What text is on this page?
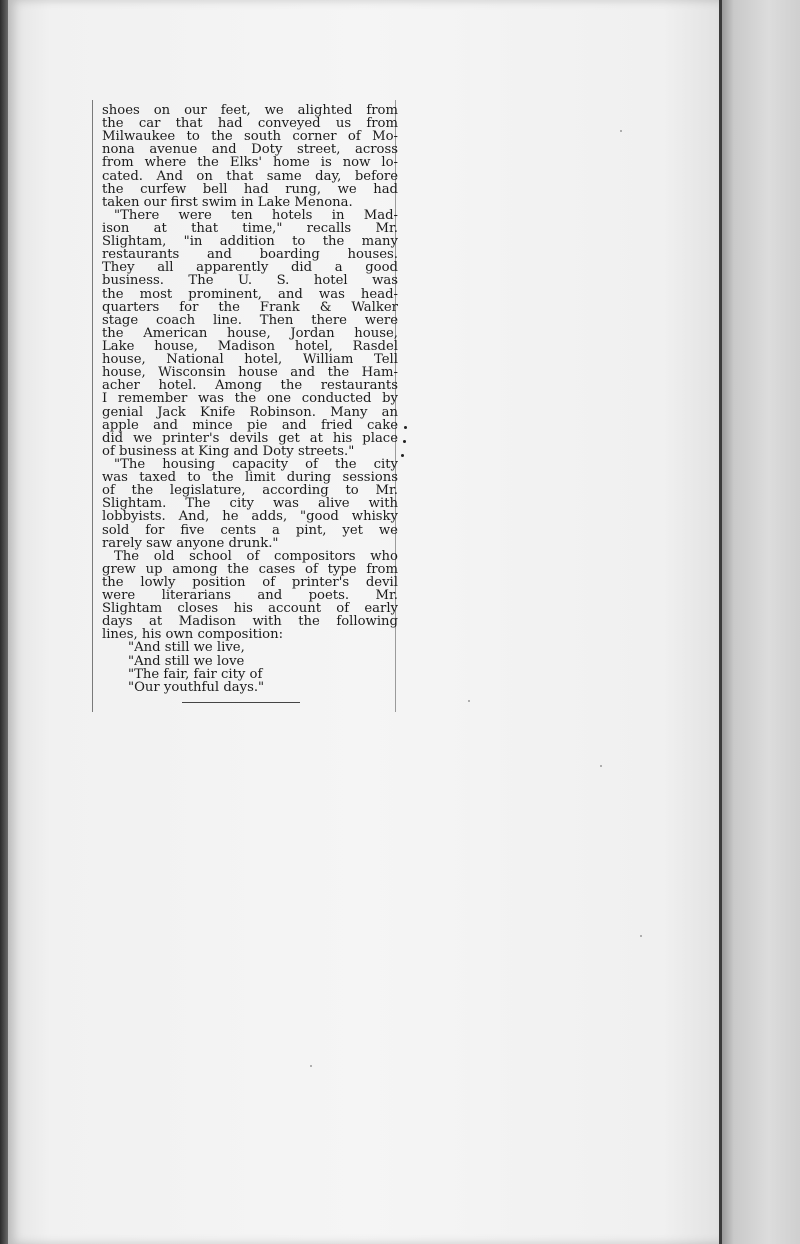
shoes on our feet, we alighted from
the car that had conveyed us from
Milwaukee to the south corner of Mo-
nona avenue and Doty street, across
from where the Elks' home is now lo-
cated. And on that same day, before
the curfew bell had rung, we had
taken our first swim in Lake Menona.
"There were ten hotels in Mad-
ison at that time," recalls Mr.
Slightam, "in addition to the many
restaurants and boarding houses.
They all apparently did a good
business. The U. S. hotel was
the most prominent, and was head-
quarters for the Frank & Walker
stage coach line. Then there were
the American house, Jordan house,
Lake house, Madison hotel, Rasdel
house, National hotel, William Tell
house, Wisconsin house and the Ham-
acher hotel. Among the restaurants
I remember was the one conducted by
genial Jack Knife Robinson. Many an
apple and mince pie and fried cake
did we printer's devils get at his place
of business at King and Doty streets."
"The housing capacity of the city
was taxed to the limit during sessions
of the legislature, according to Mr.
Slightam. The city was alive with
lobbyists. And, he adds, "good whisky
sold for five cents a pint, yet we
rarely saw anyone drunk."
The old school of compositors who
grew up among the cases of type from
the lowly position of printer's devil
were literarians and poets. Mr.
Slightam closes his account of early
days at Madison with the following
lines, his own composition:
"And still we live,
"And still we love
"The fair, fair city of
"Our youthful days."
